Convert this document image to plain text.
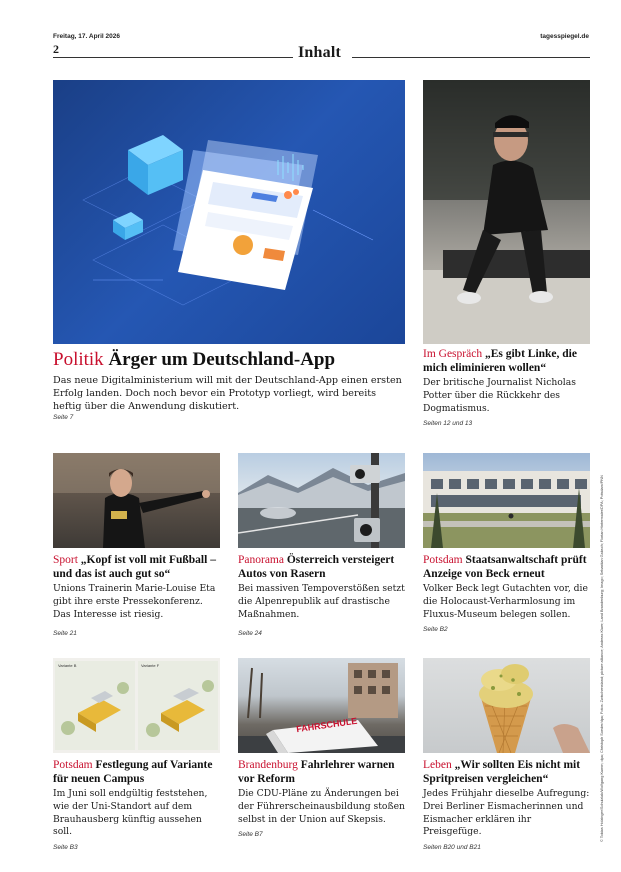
Freitag, 17. April 2026	tagesspiegel.de
2	Inhalt

Politik Ärger um Deutschland-App

Das neue Digitalministerium will mit der Deutschland-App einen ersten Erfolg landen. Doch noch bevor ein Prototyp vorliegt, wird bereits heftig über die Anwendung diskutiert.

Seite 7

Im Gespräch „Es gibt Linke, die mich eliminieren wollen“

Der britische Journalist Nicholas Potter über die Rückkehr des Dogmatismus.

Seiten 12 und 13

Sport „Kopf ist voll mit Fußball – und das ist auch gut so“

Unions Trainerin Marie-Louise Eta gibt ihre erste Pressekonferenz. Das Interesse ist riesig.

Seite 21

Panorama Österreich versteigert Autos von Rasern

Bei massiven Tempoverstößen setzt die Alpenrepublik auf drastische Maßnahmen.

Seite 24

Potsdam Staatsanwaltschaft prüft Anzeige von Beck erneut

Volker Beck legt Gutachten vor, die die Holocaust-Verharmlosung im Fluxus-Museum belegen sollen.

Seite B2
Variante B	Variante F
FAHRSCHULE

Potsdam Festlegung auf Variante für neuen Campus

Im Juni soll endgültig feststehen, wie der Uni-Standort auf dem Brauhausberg künftig aussehen soll.

Seite B3

Brandenburg Fahrlehrer warnen vor Reform

Die CDU-Pläne zu Änderungen bei der Führerscheinausbildung stoßen selbst in der Union auf Skepsis.

Seite B7

Leben „Wir sollten Eis nicht mit Spritpreisen vergleichen“

Jedes Frühjahr dieselbe Aufregung: Drei Berliner Eismacherinnen und Eismacher erklären ihr Preisgefüge.

Seiten B20 und B21
© Tobias Holzinger/Schulzlab/Wolfgang Kumm; dpa; Christoph Soeder/dpa; Fotos: Zwischenstand; picture alliance; Andreas Klaer; Land Brandenburg; Imago; Sebastian Gabsch; Florian Hintermaier/DPA; Potsdam/PNN
